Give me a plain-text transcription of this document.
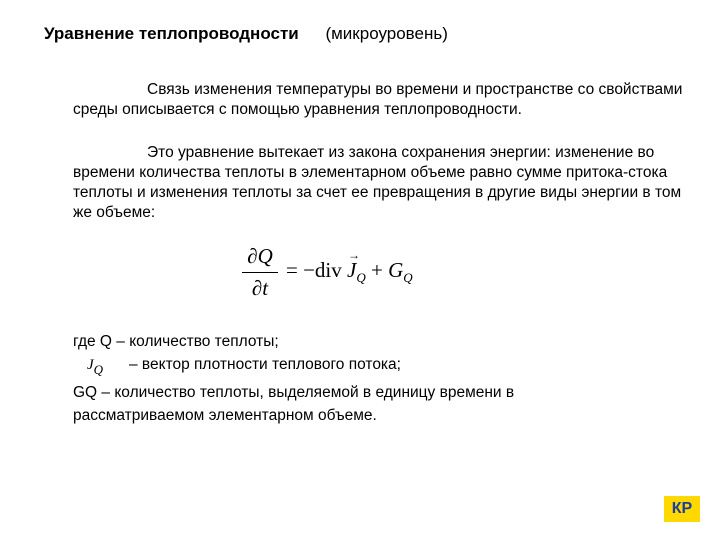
Уравнение теплопроводности (микроуровень)
Связь изменения температуры во времени и пространстве со свойствами среды описывается с помощью уравнения теплопроводности.
Это уравнение вытекает из закона сохранения энергии: изменение во времени количества теплоты в элементарном объеме равно сумме притока-стока теплоты и изменения теплоты за счет ее превращения в другие виды энергии в том же объеме:
∂Q
∂t
= −div
→
$J_Q + G_Q$
где Q – количество теплоты;
$J_Q$ – вектор плотности теплового потока;
GQ – количество теплоты, выделяемой в единицу времени в
рассматриваемом элементарном объеме.
КР
